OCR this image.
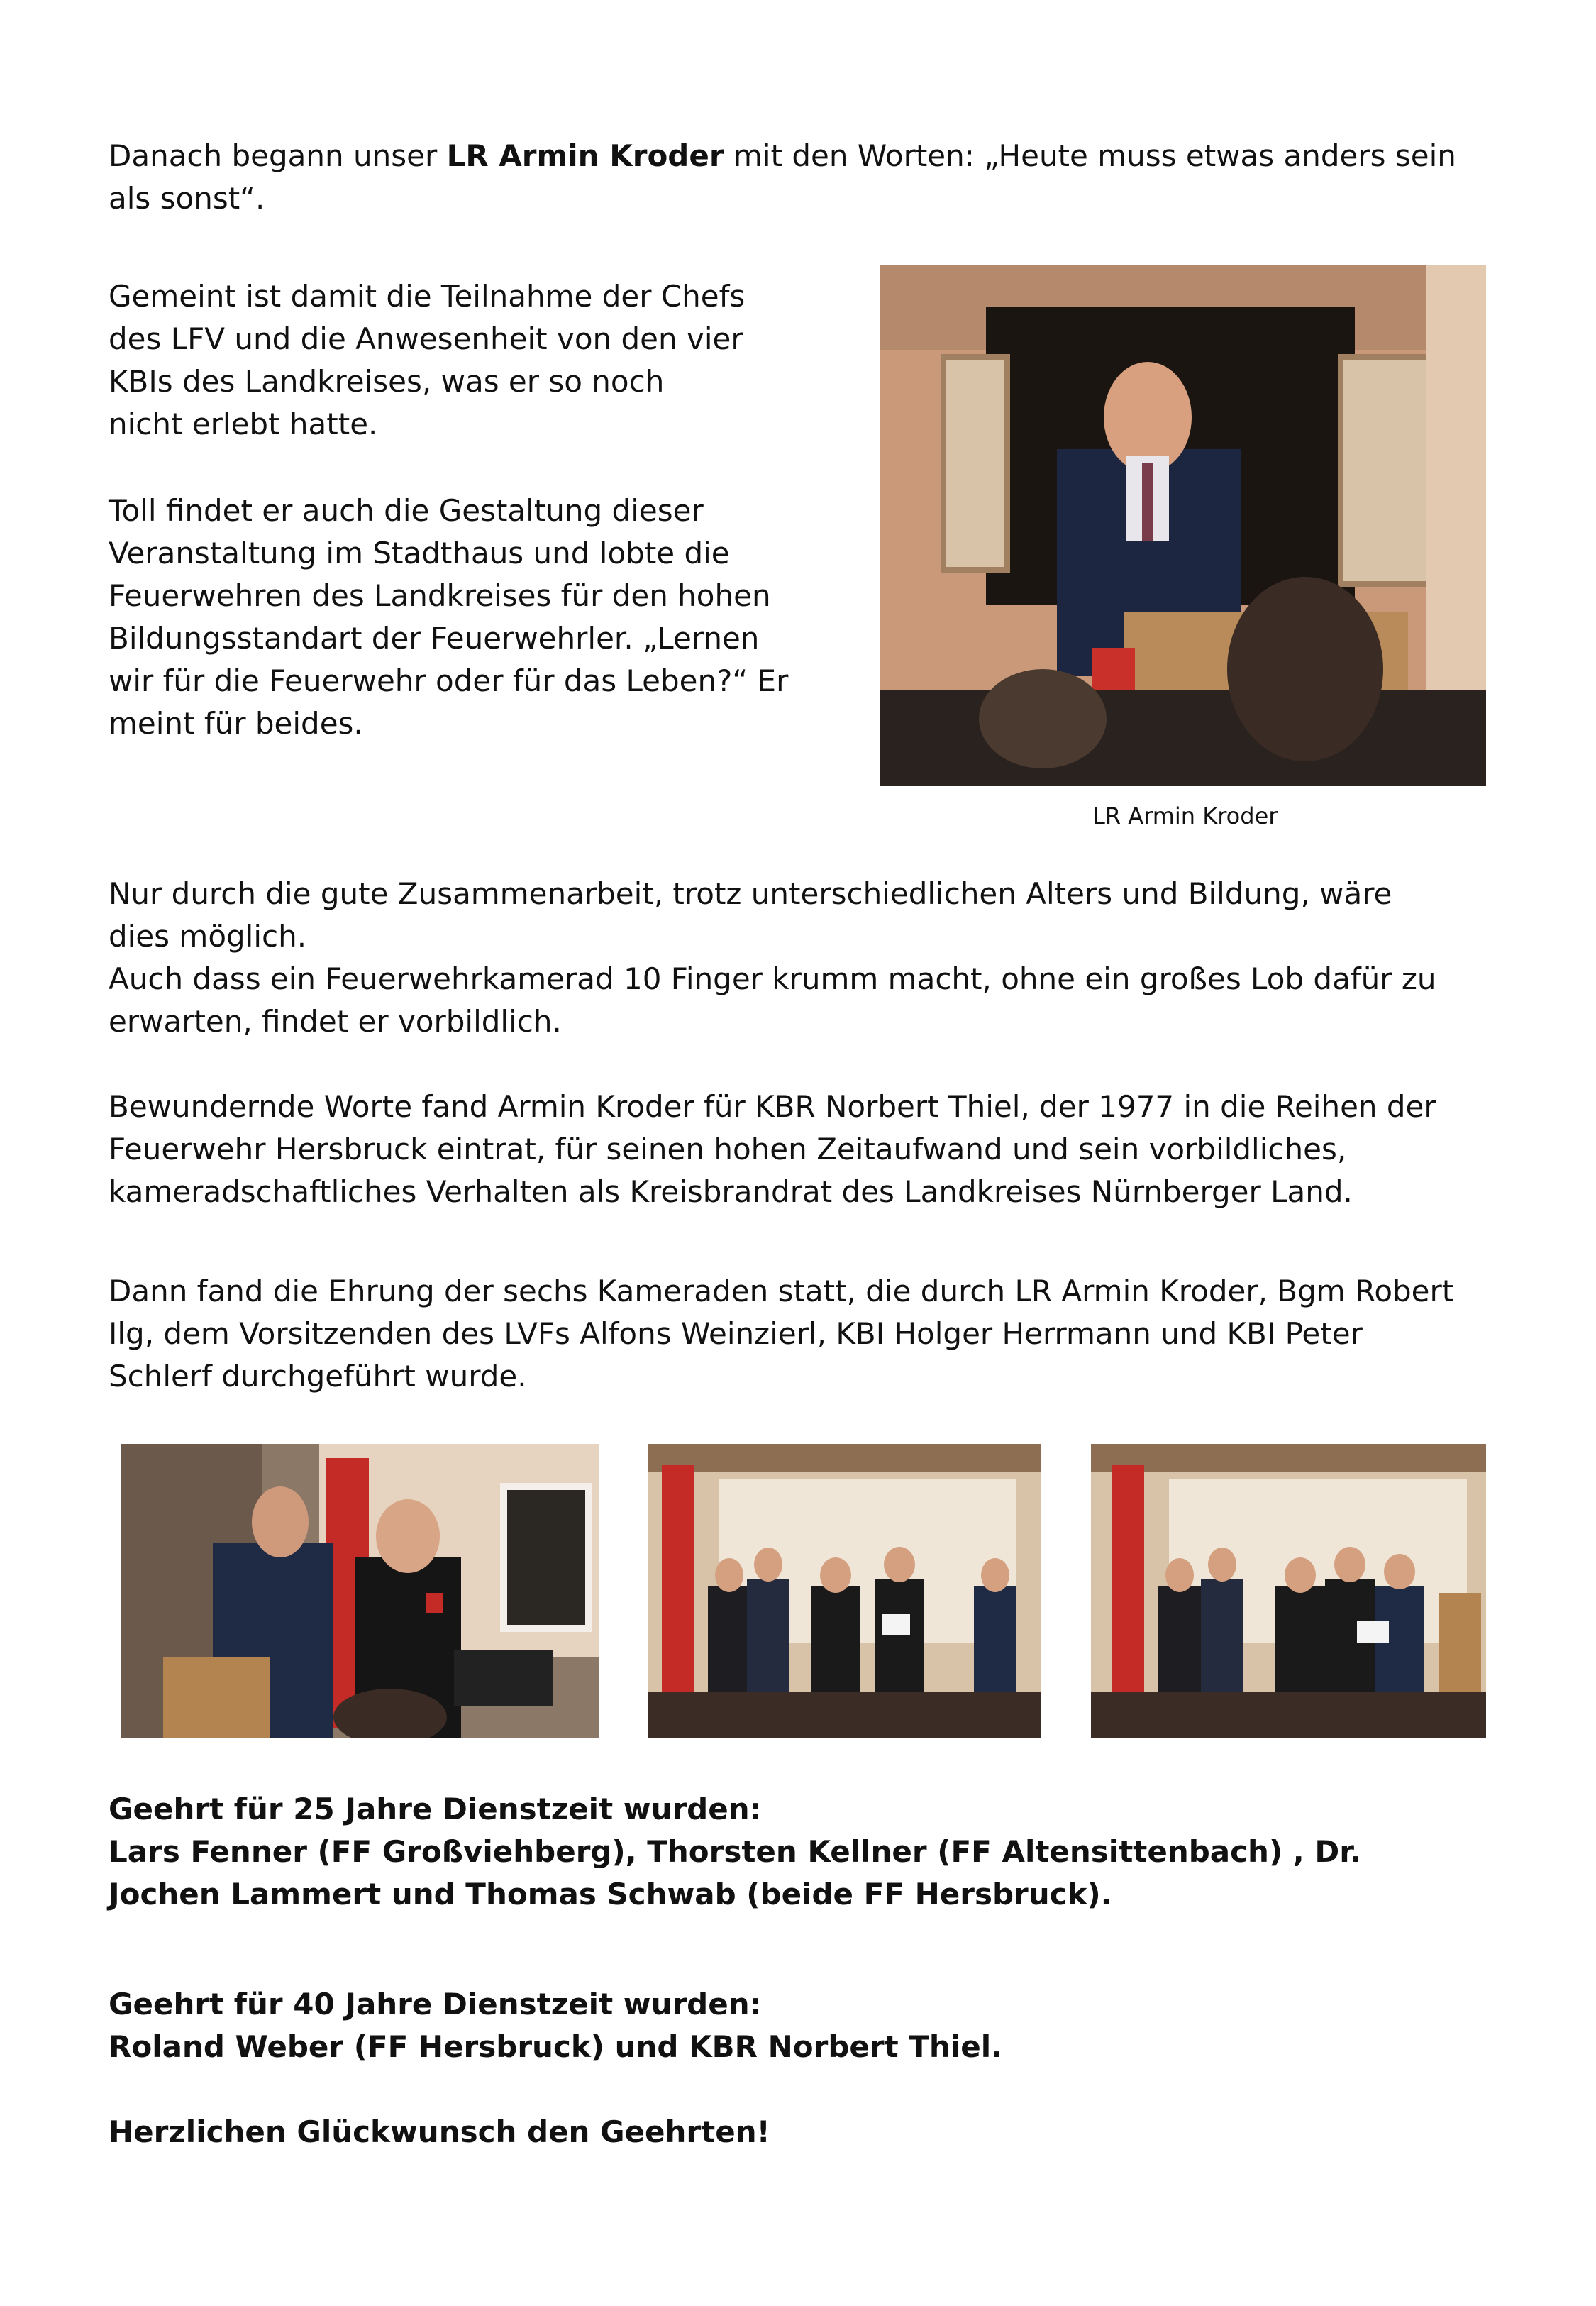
Danach begann unser LR Armin Kroder mit den Worten: „Heute muss etwas anders sein als sonst“.

Gemeint ist damit die Teilnahme der Chefs des LFV und die Anwesenheit von den vier KBIs des Landkreises, was er so noch nicht erlebt hatte.

Toll findet er auch die Gestaltung dieser Veranstaltung im Stadthaus und lobte die Feuerwehren des Landkreises für den hohen Bildungsstandart der Feuerwehrler. „Lernen wir für die Feuerwehr oder für das Leben?“ Er meint für beides.

LR Armin Kroder

Nur durch die gute Zusammenarbeit, trotz unterschiedlichen Alters und Bildung, wäre dies möglich.

Auch dass ein Feuerwehrkamerad 10 Finger krumm macht, ohne ein großes Lob dafür zu erwarten, findet er vorbildlich.

Bewundernde Worte fand Armin Kroder für KBR Norbert Thiel, der 1977 in die Reihen der Feuerwehr Hersbruck eintrat, für seinen hohen Zeitaufwand und sein vorbildliches, kameradschaftliches Verhalten als Kreisbrandrat des Landkreises Nürnberger Land.

Dann fand die Ehrung der sechs Kameraden statt, die durch LR Armin Kroder, Bgm Robert Ilg, dem Vorsitzenden des LVFs Alfons Weinzierl, KBI Holger Herrmann und KBI Peter Schlerf durchgeführt wurde.

Geehrt für 25 Jahre Dienstzeit wurden:
Lars Fenner (FF Großviehberg), Thorsten Kellner (FF Altensittenbach) , Dr. Jochen Lammert und Thomas Schwab (beide FF Hersbruck).
Geehrt für 40 Jahre Dienstzeit wurden:
Roland Weber (FF Hersbruck) und KBR Norbert Thiel.
Herzlichen Glückwunsch den Geehrten!
